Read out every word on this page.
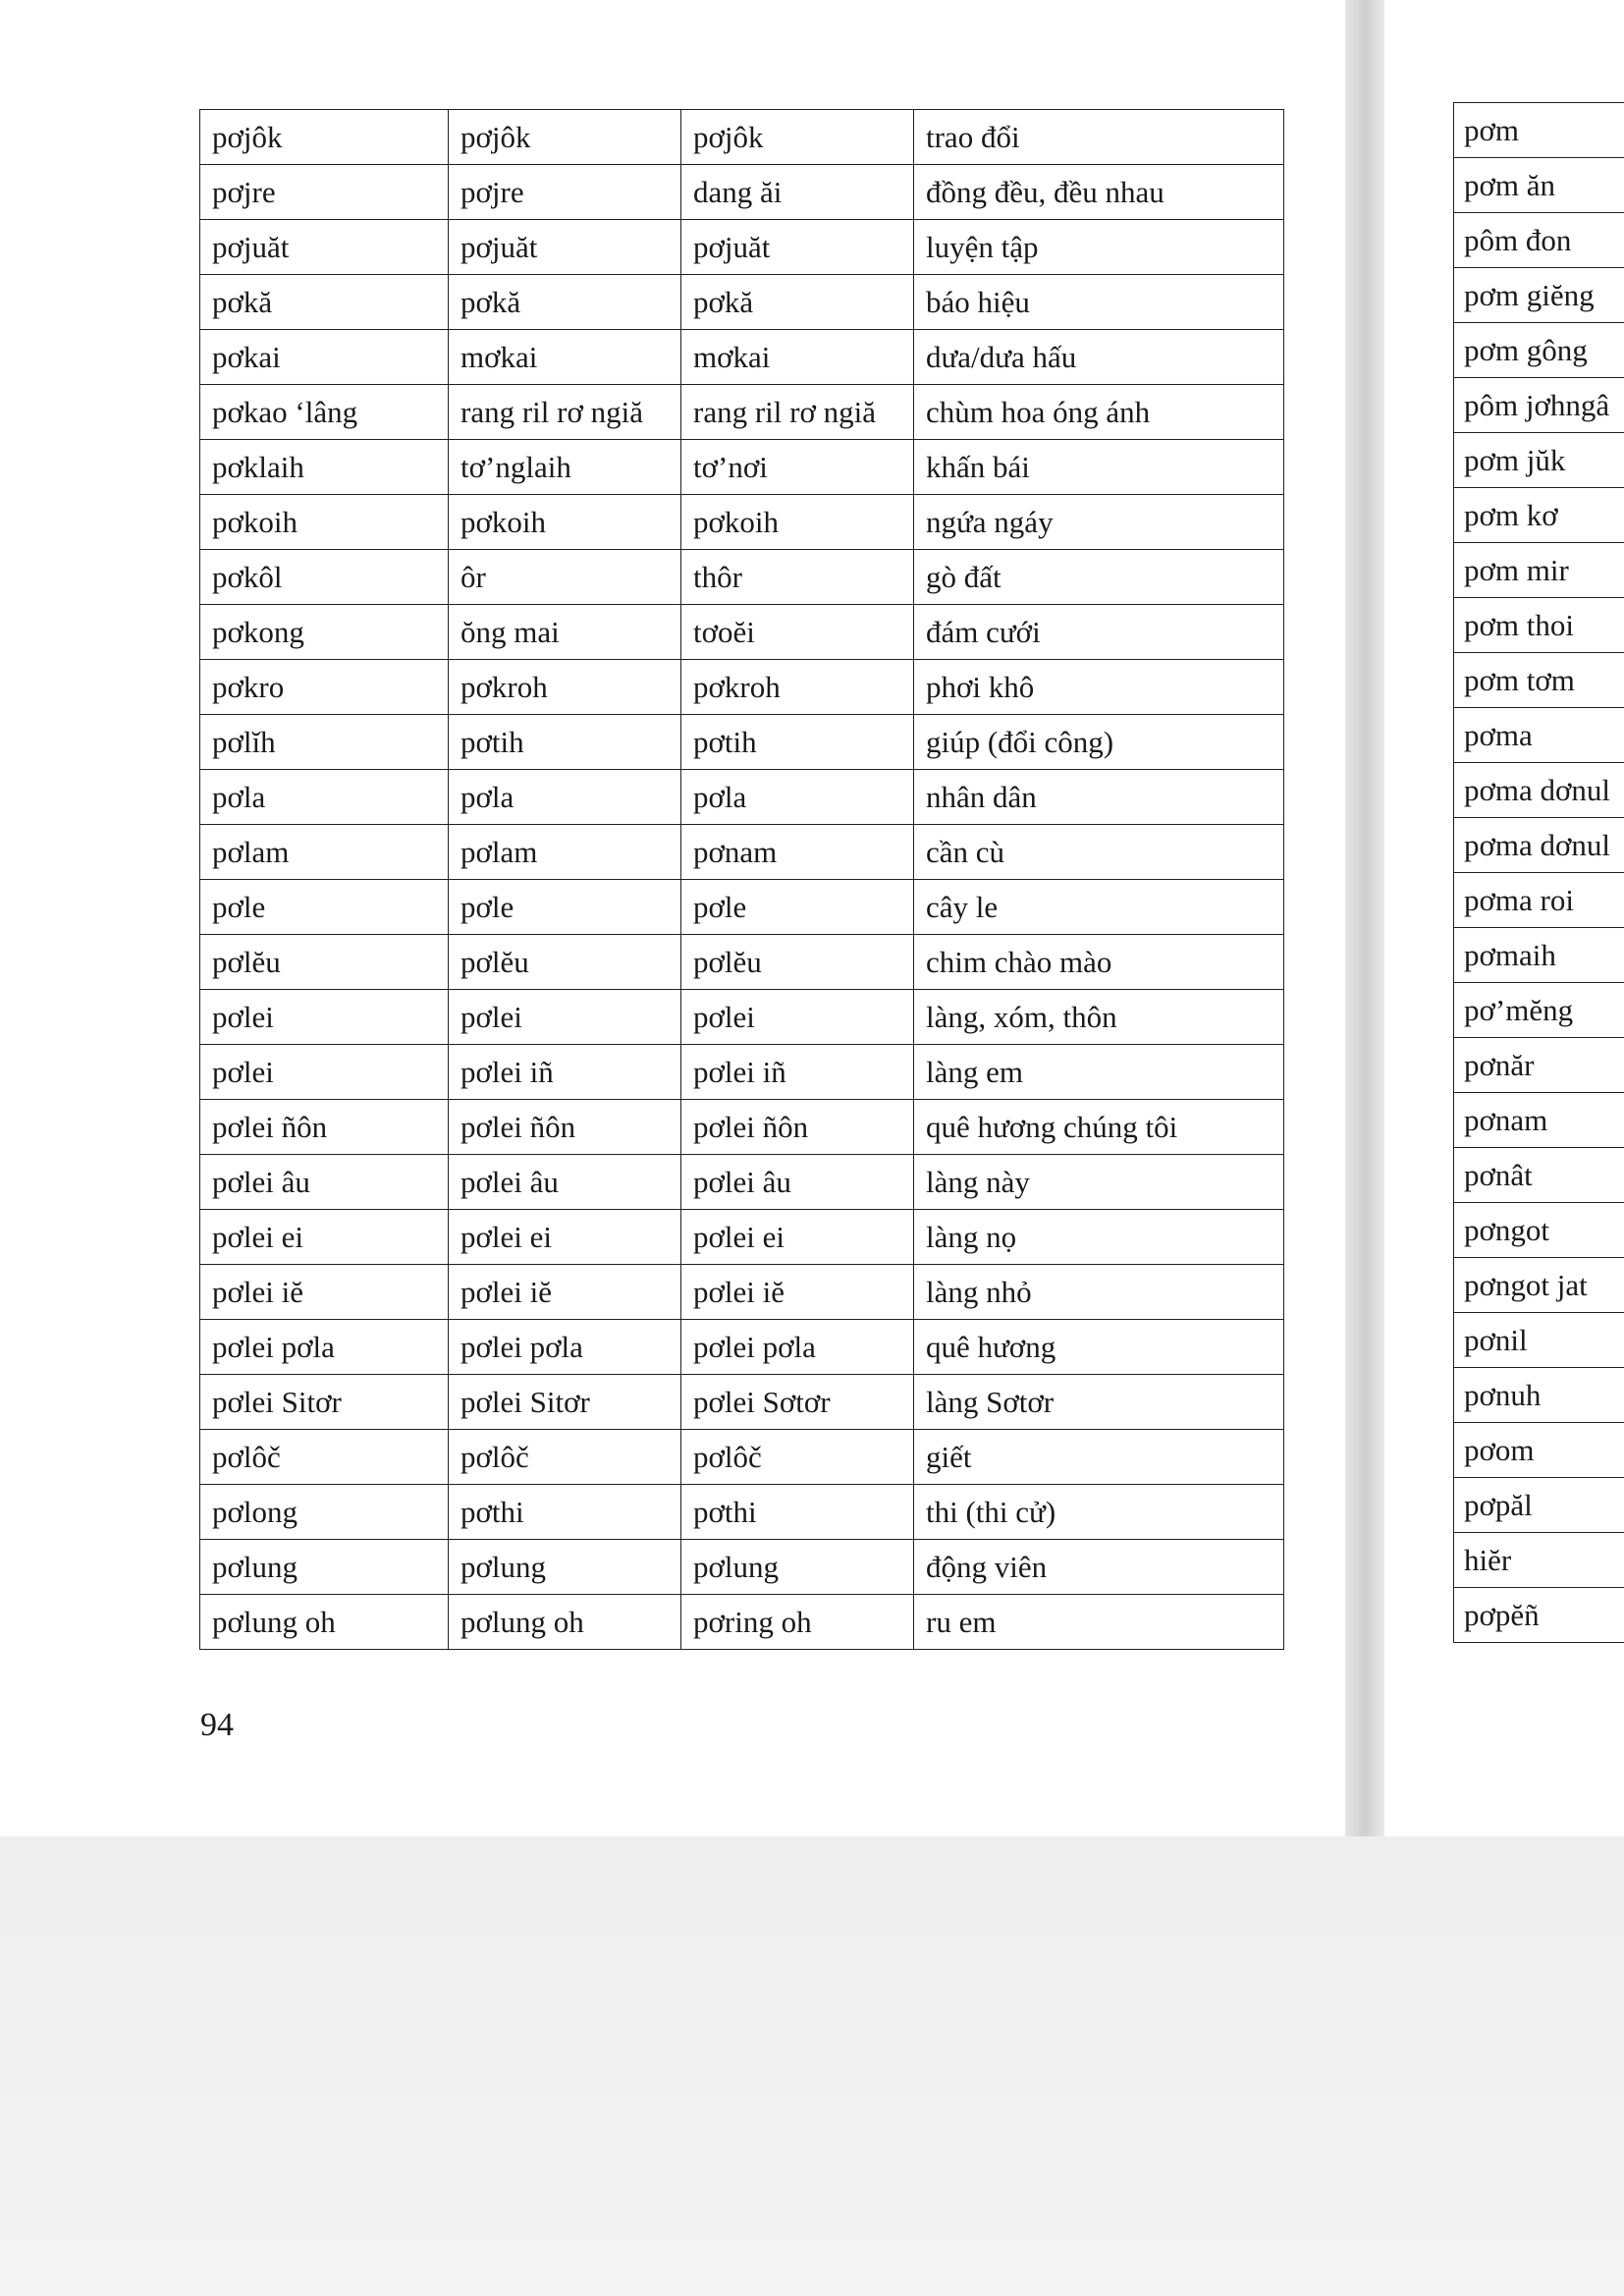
pơjôk	pơjôk	pơjôk	trao đổi
pơjre	pơjre	dang ăi	đồng đều, đều nhau
pơjuăt	pơjuăt	pơjuăt	luyện tập
pơkă	pơkă	pơkă	báo hiệu
pơkai	mơkai	mơkai	dưa/dưa hấu
pơkao ‘lâng	rang ril rơ ngiă	rang ril rơ ngiă	chùm hoa óng ánh
pơklaih	tơ’nglaih	tơ’nơi	khấn bái
pơkoih	pơkoih	pơkoih	ngứa ngáy
pơkôl	ôr	thôr	gò đất
pơkong	ŏng mai	tơoĕi	đám cưới
pơkro	pơkroh	pơkroh	phơi khô
pơlĭh	pơtih	pơtih	giúp (đổi công)
pơla	pơla	pơla	nhân dân
pơlam	pơlam	pơnam	cần cù
pơle	pơle	pơle	cây le
pơlĕu	pơlĕu	pơlĕu	chim chào mào
pơlei	pơlei	pơlei	làng, xóm, thôn
pơlei	pơlei iñ	pơlei iñ	làng em
pơlei ñôn	pơlei ñôn	pơlei ñôn	quê hương chúng tôi
pơlei âu	pơlei âu	pơlei âu	làng này
pơlei ei	pơlei ei	pơlei ei	làng nọ
pơlei iĕ	pơlei iĕ	pơlei iĕ	làng nhỏ
pơlei pơla	pơlei pơla	pơlei pơla	quê hương
pơlei Sitơr	pơlei Sitơr	pơlei Sơtơr	làng Sơtơr
pơlôč	pơlôč	pơlôč	giết
pơlong	pơthi	pơthi	thi (thi cử)
pơlung	pơlung	pơlung	động viên
pơlung oh	pơlung oh	pơring oh	ru em
pơm
pơm ăn
pôm đon
pơm giĕng
pơm gông
pôm jơhngâ
pơm jŭk
pơm kơ
pơm mir
pơm thoi
pơm tơm
pơma
pơma dơnul
pơma dơnul
pơma roi
pơmaih
pơ’mĕng
pơnăr
pơnam
pơnât
pơngot
pơngot jat
pơnil
pơnuh
pơom
pơpăl
hiĕr
pơpĕñ
94
